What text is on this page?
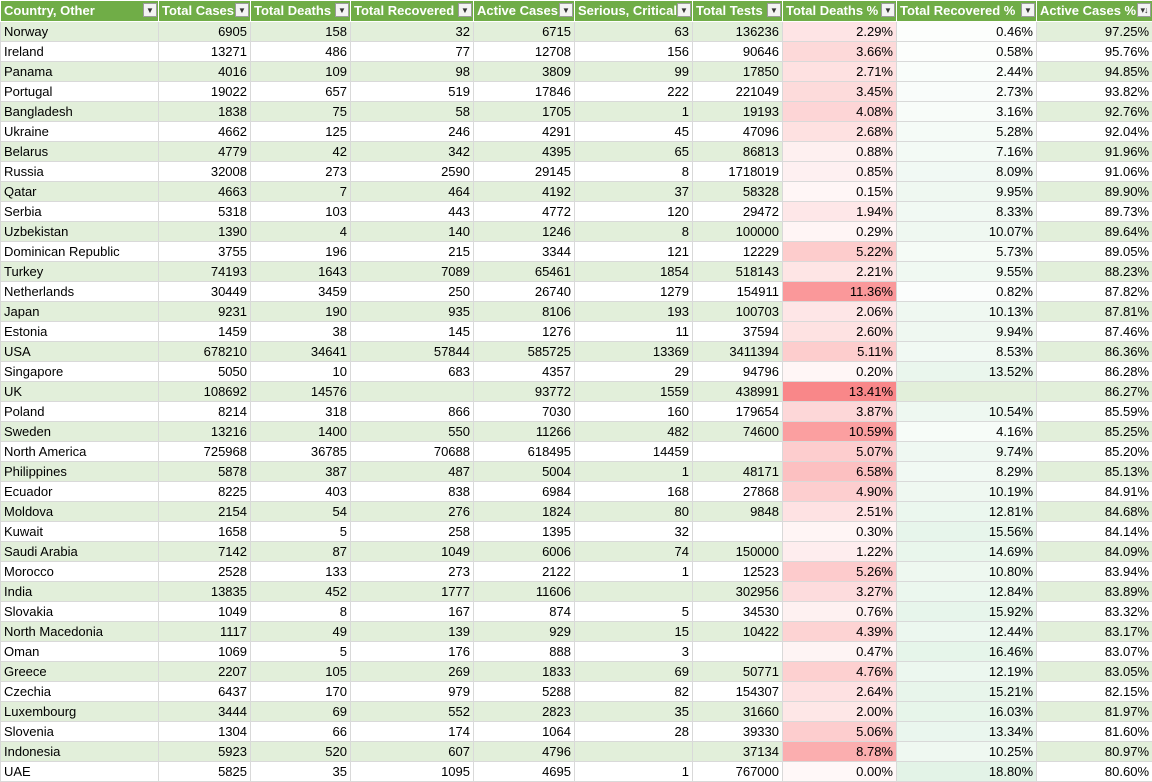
Country, Other ▼	Total Cases ▼	Total Deaths ▼	Total Recovered ▼	Active Cases ▼	Serious, Critical ▼	Total Tests ▼	Total Deaths % ▼	Total Recovered % ▼	Active Cases % ▾↓

Norway	6905	158	32	6715	63	136236	2.29%	0.46%	97.25%
Ireland	13271	486	77	12708	156	90646	3.66%	0.58%	95.76%
Panama	4016	109	98	3809	99	17850	2.71%	2.44%	94.85%
Portugal	19022	657	519	17846	222	221049	3.45%	2.73%	93.82%
Bangladesh	1838	75	58	1705	1	19193	4.08%	3.16%	92.76%
Ukraine	4662	125	246	4291	45	47096	2.68%	5.28%	92.04%
Belarus	4779	42	342	4395	65	86813	0.88%	7.16%	91.96%
Russia	32008	273	2590	29145	8	1718019	0.85%	8.09%	91.06%
Qatar	4663	7	464	4192	37	58328	0.15%	9.95%	89.90%
Serbia	5318	103	443	4772	120	29472	1.94%	8.33%	89.73%
Uzbekistan	1390	4	140	1246	8	100000	0.29%	10.07%	89.64%
Dominican Republic	3755	196	215	3344	121	12229	5.22%	5.73%	89.05%
Turkey	74193	1643	7089	65461	1854	518143	2.21%	9.55%	88.23%
Netherlands	30449	3459	250	26740	1279	154911	11.36%	0.82%	87.82%
Japan	9231	190	935	8106	193	100703	2.06%	10.13%	87.81%
Estonia	1459	38	145	1276	11	37594	2.60%	9.94%	87.46%
USA	678210	34641	57844	585725	13369	3411394	5.11%	8.53%	86.36%
Singapore	5050	10	683	4357	29	94796	0.20%	13.52%	86.28%
UK	108692	14576		93772	1559	438991	13.41%		86.27%
Poland	8214	318	866	7030	160	179654	3.87%	10.54%	85.59%
Sweden	13216	1400	550	11266	482	74600	10.59%	4.16%	85.25%
North America	725968	36785	70688	618495	14459		5.07%	9.74%	85.20%
Philippines	5878	387	487	5004	1	48171	6.58%	8.29%	85.13%
Ecuador	8225	403	838	6984	168	27868	4.90%	10.19%	84.91%
Moldova	2154	54	276	1824	80	9848	2.51%	12.81%	84.68%
Kuwait	1658	5	258	1395	32		0.30%	15.56%	84.14%
Saudi Arabia	7142	87	1049	6006	74	150000	1.22%	14.69%	84.09%
Morocco	2528	133	273	2122	1	12523	5.26%	10.80%	83.94%
India	13835	452	1777	11606		302956	3.27%	12.84%	83.89%
Slovakia	1049	8	167	874	5	34530	0.76%	15.92%	83.32%
North Macedonia	1117	49	139	929	15	10422	4.39%	12.44%	83.17%
Oman	1069	5	176	888	3		0.47%	16.46%	83.07%
Greece	2207	105	269	1833	69	50771	4.76%	12.19%	83.05%
Czechia	6437	170	979	5288	82	154307	2.64%	15.21%	82.15%
Luxembourg	3444	69	552	2823	35	31660	2.00%	16.03%	81.97%
Slovenia	1304	66	174	1064	28	39330	5.06%	13.34%	81.60%
Indonesia	5923	520	607	4796		37134	8.78%	10.25%	80.97%
UAE	5825	35	1095	4695	1	767000	0.00%	18.80%	80.60%
